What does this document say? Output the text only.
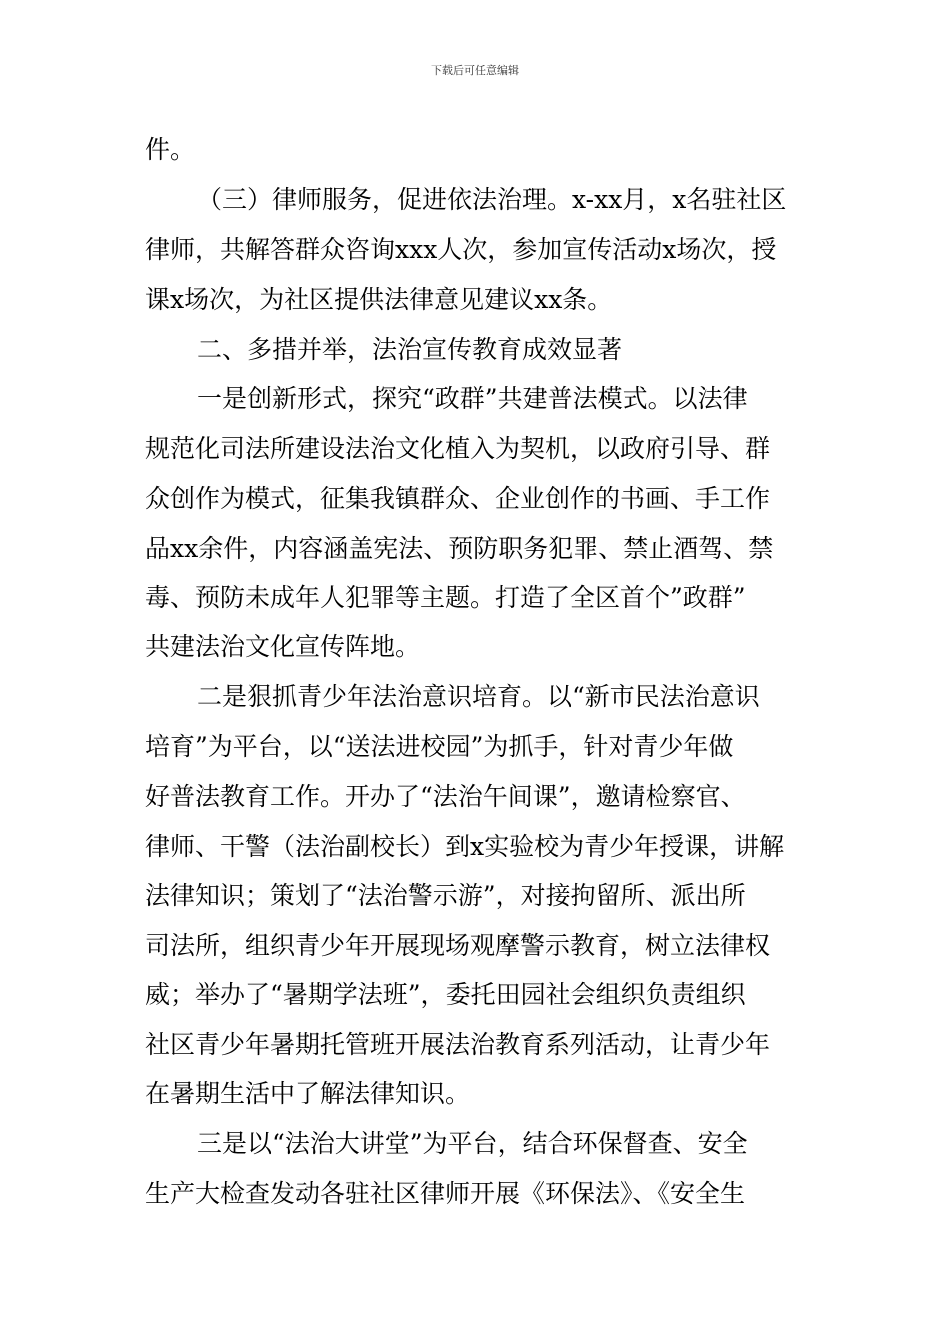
下载后可任意编辑
件。
（三）律师服务，促进依法治理。x-xx月，x名驻社区
律师，共解答群众咨询xxx人次，参加宣传活动x场次，授
课x场次，为社区提供法律意见建议xx条。
二、多措并举，法治宣传教育成效显著
一是创新形式，探究“政群”共建普法模式。以法律
规范化司法所建设法治文化植入为契机，以政府引导、群
众创作为模式，征集我镇群众、企业创作的书画、手工作
品xx余件，内容涵盖宪法、预防职务犯罪、禁止酒驾、禁
毒、预防未成年人犯罪等主题。打造了全区首个”政群”
共建法治文化宣传阵地。
二是狠抓青少年法治意识培育。以“新市民法治意识
培育”为平台，以“送法进校园”为抓手，针对青少年做
好普法教育工作。开办了“法治午间课”，邀请检察官、
律师、干警（法治副校长）到x实验校为青少年授课，讲解
法律知识；策划了“法治警示游”，对接拘留所、派出所
司法所，组织青少年开展现场观摩警示教育，树立法律权
威；举办了“暑期学法班”，委托田园社会组织负责组织
社区青少年暑期托管班开展法治教育系列活动，让青少年
在暑期生活中了解法律知识。
三是以“法治大讲堂”为平台，结合环保督查、安全
生产大检查发动各驻社区律师开展《环保法》、《安全生
